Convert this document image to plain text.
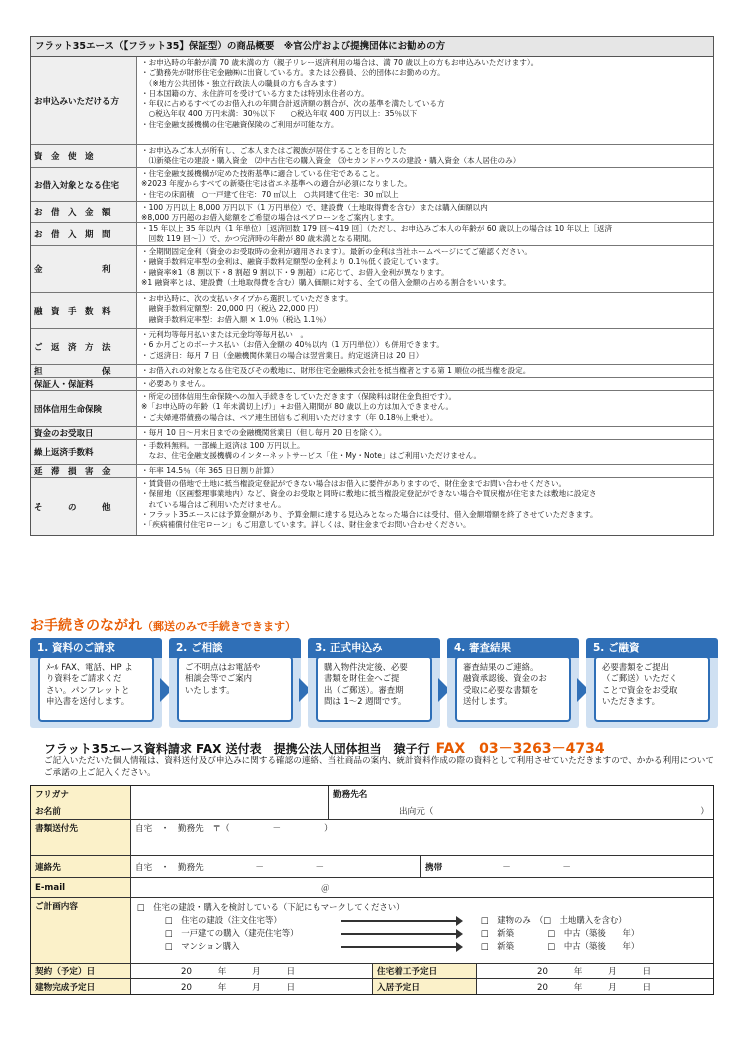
フラット35エース（【フラット35】保証型）の商品概要　※官公庁および提携団体にお勧めの方
お申込みいただける方
・お申込時の年齢が満 70 歳未満の方（親子リレー返済利用の場合は、満 70 歳以上の方もお申込みいただけます）。
・ご勤務先が財形住宅金融㈱に出資している方。または公務員、公的団体にお勤めの方。
　（※地方公共団体・独立行政法人の職員の方も含みます）
・日本国籍の方、永住許可を受けている方または特別永住者の方。
・年収に占めるすべてのお借入れの年間合計返済額の割合が、次の基準を満たしている方
　○税込年収 400 万円未満：30％以下　　○税込年収 400 万円以上：35％以下
・住宅金融支援機構の住宅融資保険のご利用が可能な方。
資　金　使　途
・お申込みご本人が所有し、ご本人またはご親族が居住することを目的とした
　⑴新築住宅の建設・購入資金　⑵中古住宅の購入資金　⑶セカンドハウスの建設・購入資金（本人居住のみ）
お借入対象となる住宅
・住宅金融支援機構が定めた技術基準に適合している住宅であること。
※2023 年度からすべての新築住宅は省エネ基準への適合が必須になりました。
・住宅の床面積　○一戸建て住宅：70 ㎡以上　○共同建て住宅：30 ㎡以上
お　借　入　金　額
・100 万円以上 8,000 万円以下（1 万円単位）で、建設費（土地取得費を含む）または購入価額以内
※8,000 万円超のお借入総額をご希望の場合はペアローンをご案内します。
お　借　入　期　間
・15 年以上 35 年以内（1 年単位）［返済回数 179 回～419 回］（ただし、お申込みご本人の年齢が 60 歳以上の場合は 10 年以上［返済
　回数 119 回～］）で、かつ完済時の年齢が 80 歳未満となる期間。
金　　　　　　　利
・全期間固定金利（資金のお受取時の金利が適用されます）。最新の金利は当社ホームページにてご確認ください。
・融資手数料定率型の金利は、融資手数料定額型の金利より 0.1％低く設定しています。
・融資率※1（8 割以下・8 割超 9 割以下・9 割超）に応じて、お借入金利が異なります。
※1 融資率とは、建設費（土地取得費を含む）購入価額に対する、全ての借入金額の占める割合をいいます。
融　資　手　数　料
・お申込時に、次の支払いタイプから選択していただきます。
　融資手数料定額型：20,000 円（税込 22,000 円）
　融資手数料定率型：お借入額 × 1.0％（税込 1.1％）
ご　返　済　方　法
・元利均等毎月払いまたは元金均等毎月払い　。
・6 か月ごとのボーナス払い（お借入金額の 40％以内（1 万円単位））も併用できます。
・ご返済日：毎月 7 日（金融機関休業日の場合は翌営業日。約定返済日は 20 日）
担　　　　　　　保	・お借入れの対象となる住宅及びその敷地に、財形住宅金融株式会社を抵当権者とする第 1 順位の抵当権を設定。
保証人・保証料	・必要ありません。
団体信用生命保険
・所定の団体信用生命保険への加入手続きをしていただきます（保険料は財住金負担です）。
※「お申込時の年齢（1 年未満切上げ）」+お借入期間が 80 歳以上の方は加入できません。
・ご夫婦連帯債務の場合は、ペア連生団信もご利用いただけます（年 0.18％上乗せ）。
資金のお受取日	・毎月 10 日～月末日までの金融機関営業日（但し毎月 20 日を除く）。
繰上返済手数料
・手数料無料。一部繰上返済は 100 万円以上。
　なお、住宅金融支援機構のインターネットサービス「住・My・Note」はご利用いただけません。
延　滞　損　害　金	・年率 14.5％（年 365 日日割り計算）
そ　　　の　　　他
・賃貸借の借地で土地に抵当権設定登記ができない場合はお借入に要件がありますので、財住金までお問い合わせください。
・保留地（区画整理事業地内）など、資金のお受取と同時に敷地に抵当権設定登記ができない場合や買戻権が住宅または敷地に設定さ
　れている場合はご利用いただけません。
・フラット35エースには予算金額があり、予算金額に達する見込みとなった場合には受付、借入金額増額を終了させていただきます。
・「疾病補償付住宅ローン」もご用意しています。詳しくは、財住金までお問い合わせください。
お手続きのながれ（郵送のみで手続きできます）
1. 資料のご請求
ﾒｰﾙ FAX、電話、HP よ
り資料をご請求くだ
さい。パンフレットと
申込書を送付します。
2. ご相談
ご不明点はお電話や
相談会等でご案内
いたします。
3. 正式申込み
購入物件決定後、必要
書類を財住金へご提
出（ご郵送）。審査期
間は 1～2 週間です。
4. 審査結果
審査結果のご連絡。
融資承認後、資金のお
受取に必要な書類を
送付します。
5. ご融資
必要書類をご提出
（ご郵送）いただく
ことで資金をお受取
いただきます。
フラット35エース資料請求 FAX 送付表　提携公法人団体担当　猿子行 FAX　03－3263－4734
ご記入いただいた個人情報は、資料送付及び申込みに関する確認の連絡、当社商品の案内、統計資料作成の際の資料として利用させていただきますので、かかる利用についてご承諾の上ご記入ください。
フリガナ
お名前
勤務先名
出向元（	）
書類送付先	自宅　・　勤務先　〒（　　　　　－　　　　　）
連絡先	自宅　・　勤務先　　　　　　－　　　　　　－	携帯	－　　　　　　－
E-mail	＠
ご計画内容	□　住宅の建設・購入を検討している（下記にもマークしてください）
□　住宅の建設（注文住宅等）	□　建物のみ　（□　土地購入を含む）
□　一戸建ての購入（建売住宅等）	□　新築　　　　□　中古（築後　　年）
□　マンション購入	□　新築　　　　□　中古（築後　　年）
契約（予定）日	20　　　年　　　月　　　日	住宅着工予定日	20　　　年　　　月　　　日
建物完成予定日	20　　　年　　　月　　　日	入居予定日	20　　　年　　　月　　　日
